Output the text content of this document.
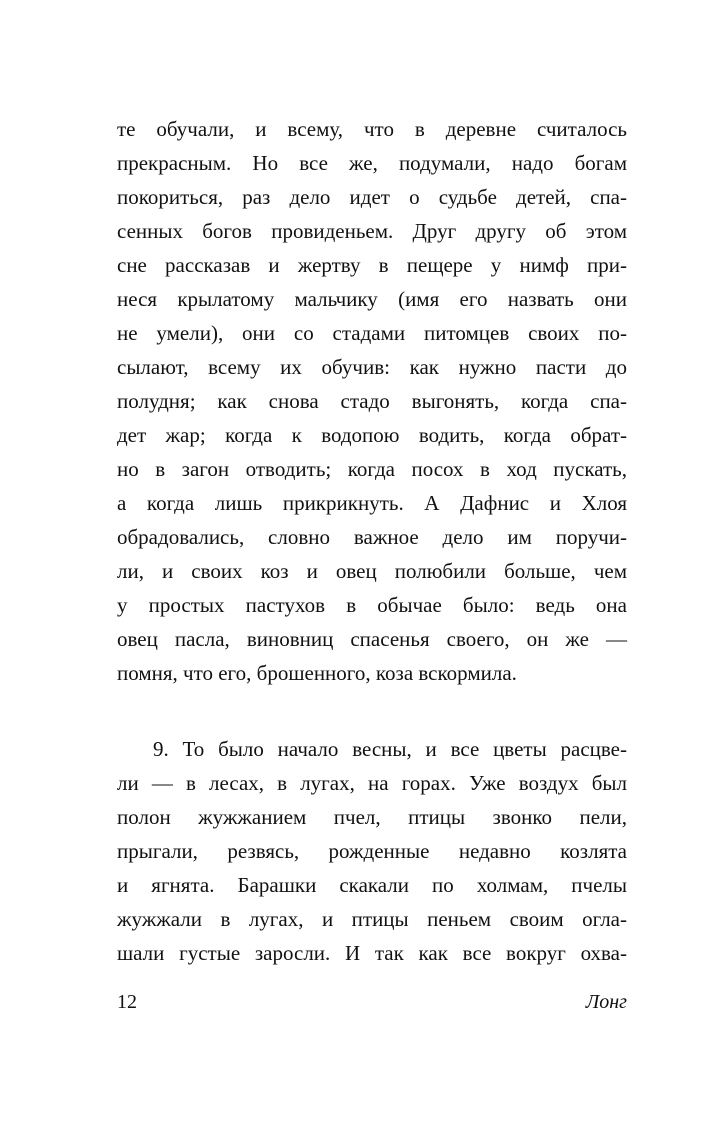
те обучали, и всему, что в деревне считалось
прекрасным. Но все же, подумали, надо богам
покориться, раз дело идет о судьбе детей, спа-
сенных богов провиденьем. Друг другу об этом
сне рассказав и жертву в пещере у нимф при-
неся крылатому мальчику (имя его назвать они
не умели), они со стадами питомцев своих по-
сылают, всему их обучив: как нужно пасти до
полудня; как снова стадо выгонять, когда спа-
дет жар; когда к водопою водить, когда обрат-
но в загон отводить; когда посох в ход пускать,
а когда лишь прикрикнуть. А Дафнис и Хлоя
обрадовались, словно важное дело им поручи-
ли, и своих коз и овец полюбили больше, чем
у простых пастухов в обычае было: ведь она
овец пасла, виновниц спасенья своего, он же —
помня, что его, брошенного, коза вскормила.
9. То было начало весны, и все цветы расцве-
ли — в лесах, в лугах, на горах. Уже воздух был
полон жужжанием пчел, птицы звонко пели,
прыгали, резвясь, рожденные недавно козлята
и ягнята. Барашки скакали по холмам, пчелы
жужжали в лугах, и птицы пеньем своим огла-
шали густые заросли. И так как все вокруг охва-
12	Лонг
